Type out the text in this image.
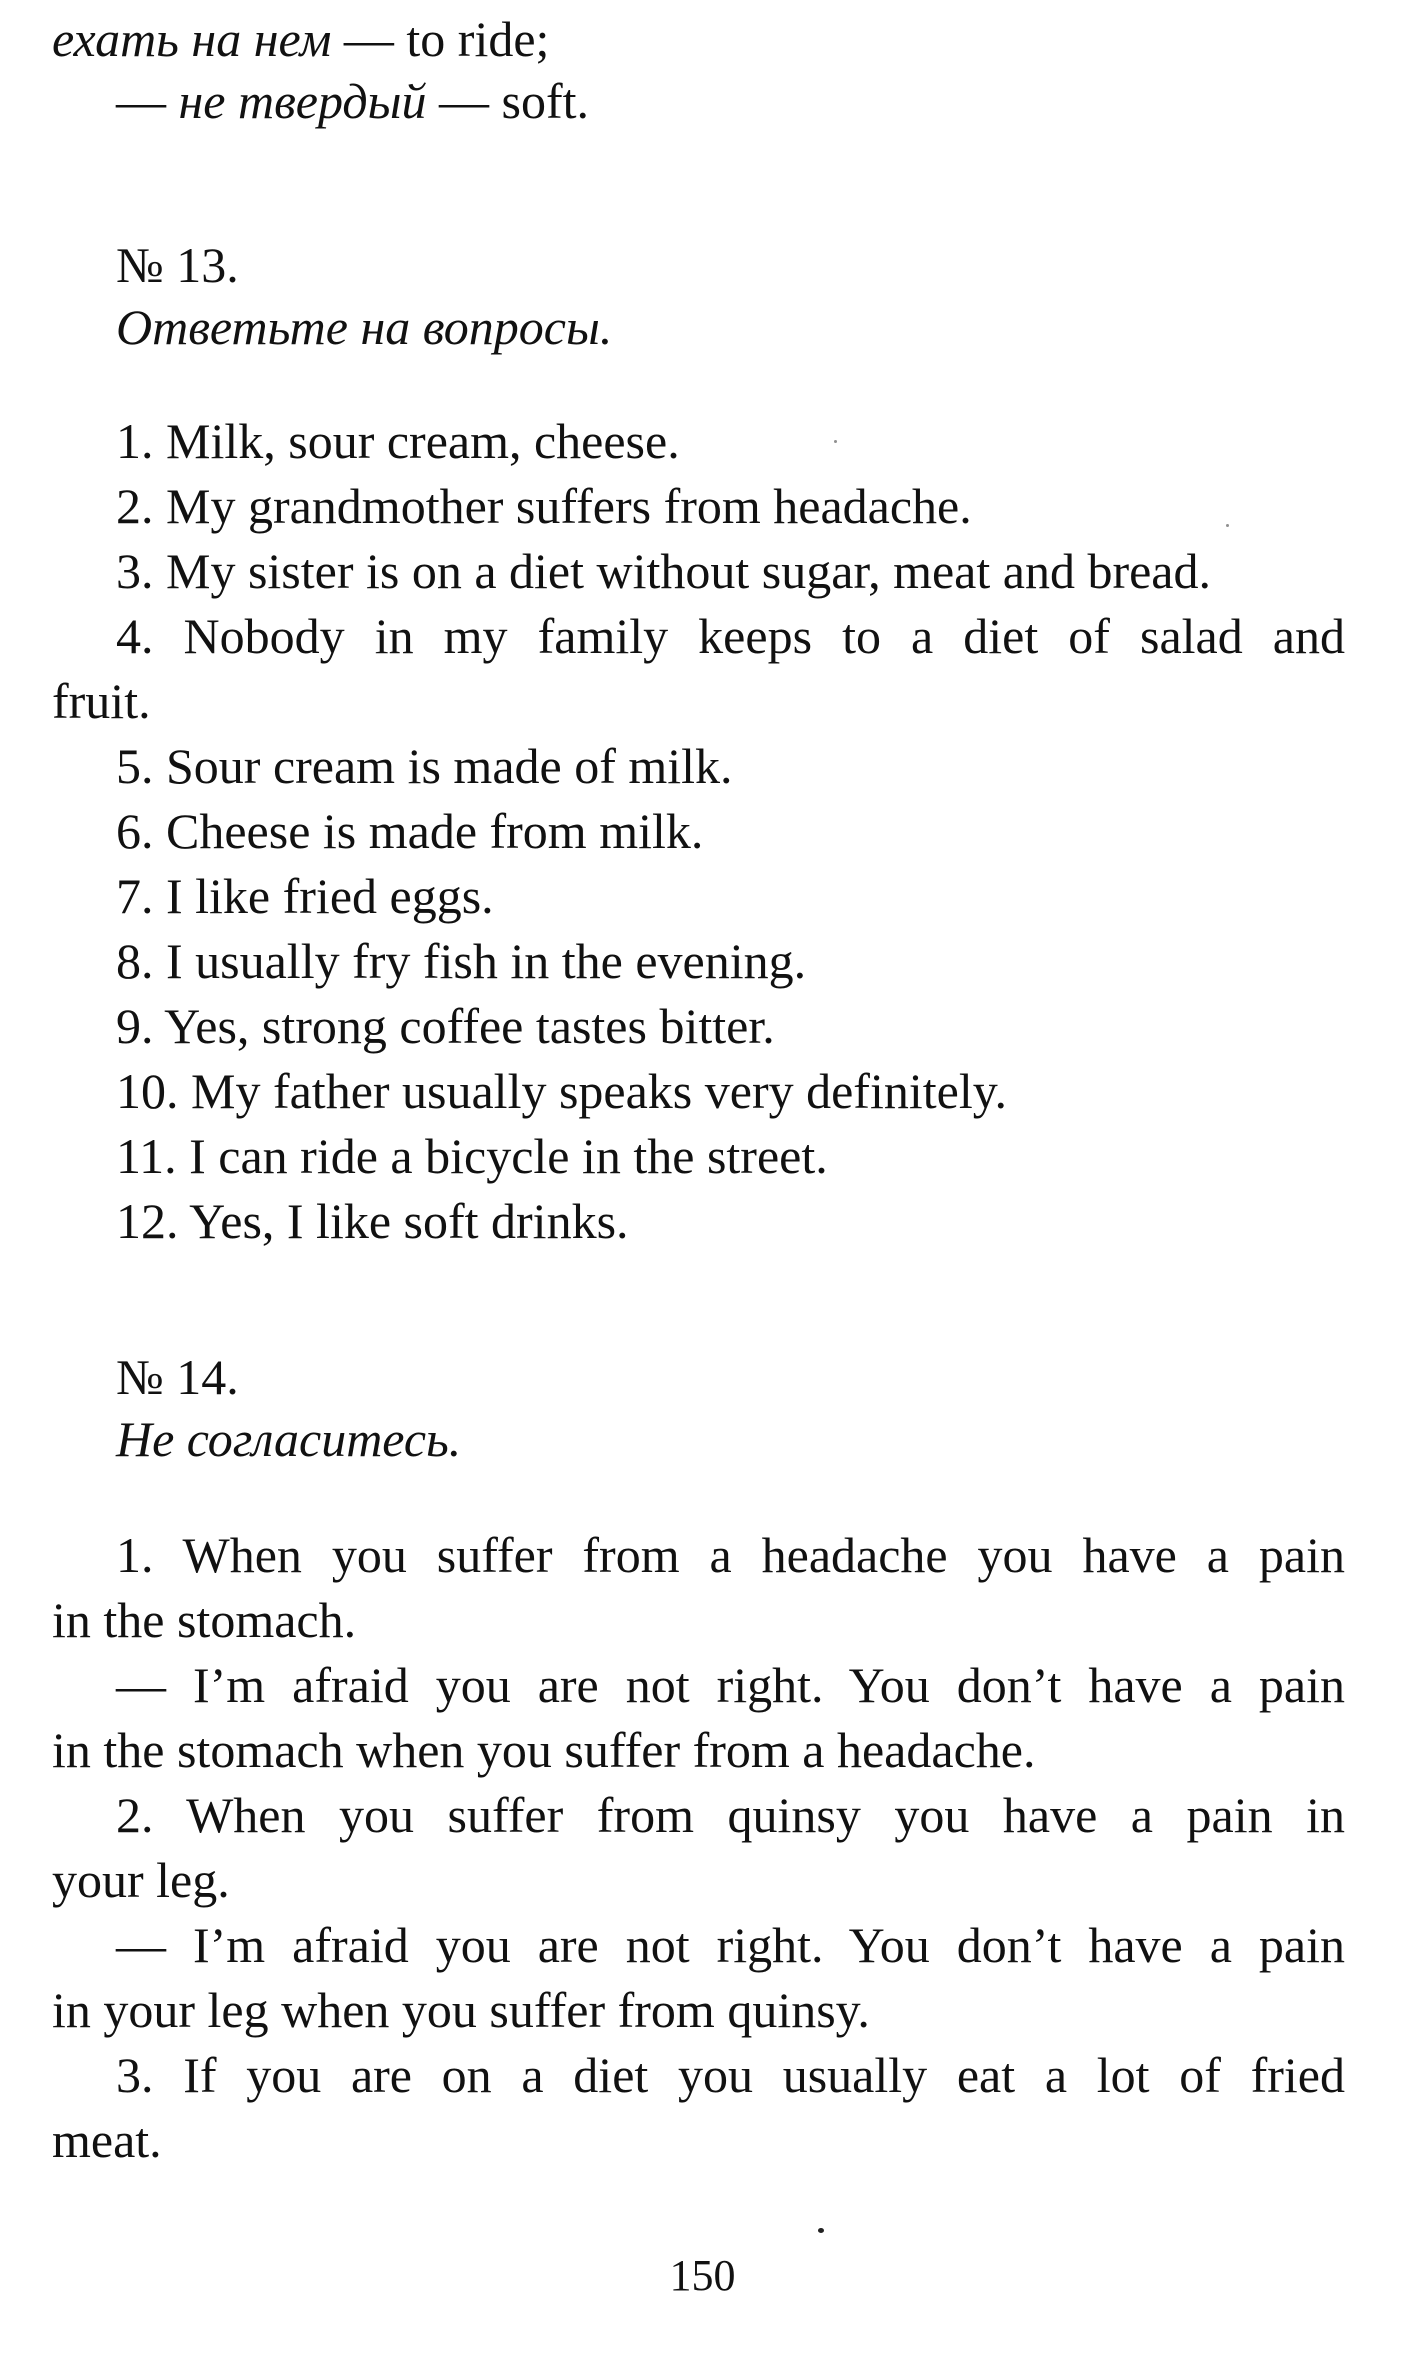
ехать на нем — to ride;
— не твердый — soft.
№ 13.
Ответьте на вопросы.
1. Milk, sour cream, cheese.
2. My grandmother suffers from headache.
3. My sister is on a diet without sugar, meat and bread.
4. Nobody in my family keeps to a diet of salad and
fruit.
5. Sour cream is made of milk.
6. Cheese is made from milk.
7. I like fried eggs.
8. I usually fry fish in the evening.
9. Yes, strong coffee tastes bitter.
10. My father usually speaks very definitely.
11. I can ride a bicycle in the street.
12. Yes, I like soft drinks.
№ 14.
Не согласитесь.
1. When you suffer from a headache you have a pain
in the stomach.
— I’m afraid you are not right. You don’t have a pain
in the stomach when you suffer from a headache.
2. When you suffer from quinsy you have a pain in
your leg.
— I’m afraid you are not right. You don’t have a pain
in your leg when you suffer from quinsy.
3. If you are on a diet you usually eat a lot of fried
meat.
150
